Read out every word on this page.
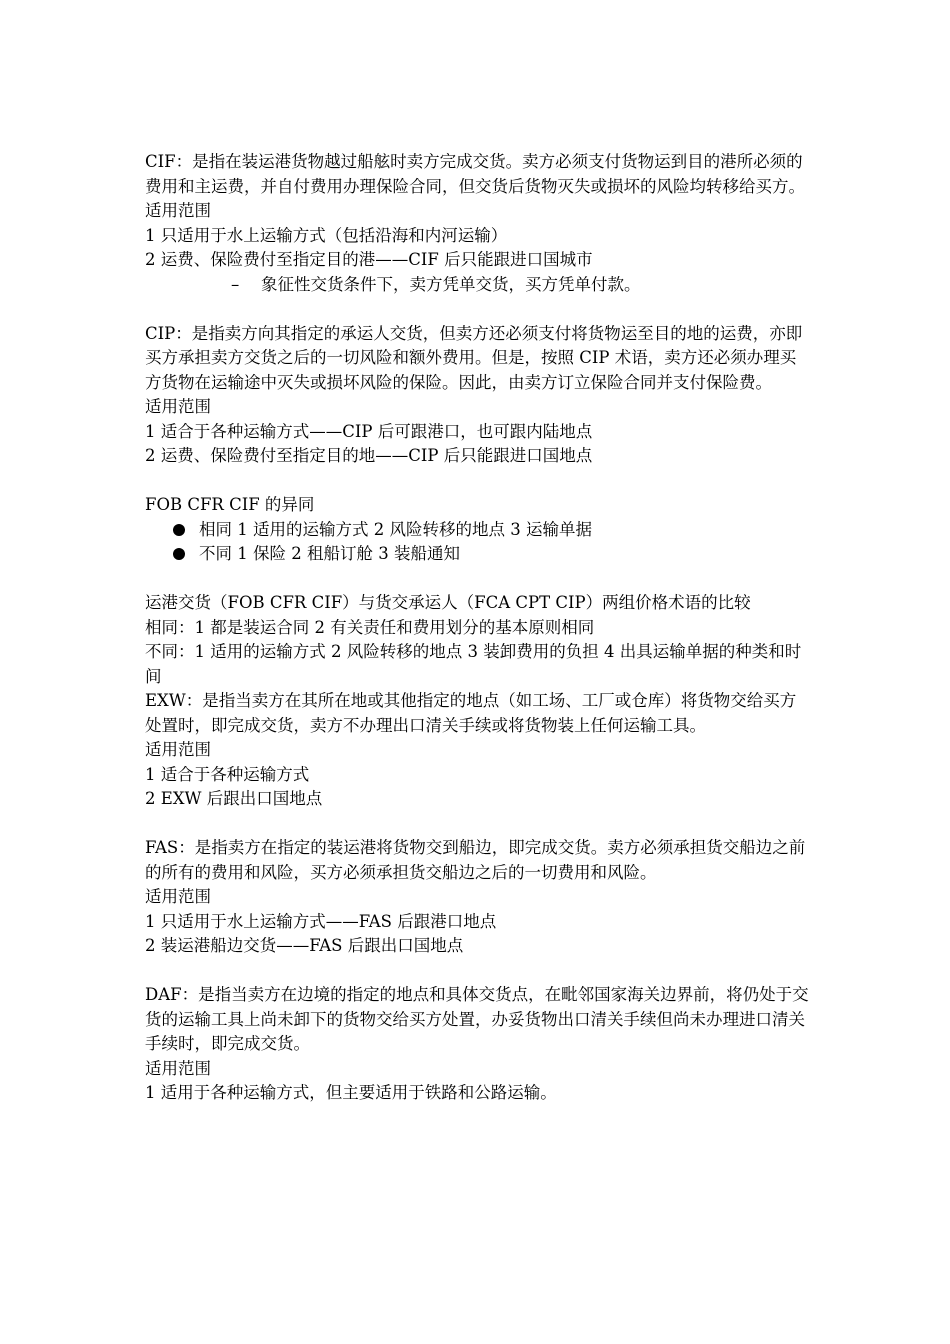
CIF：是指在装运港货物越过船舷时卖方完成交货。卖方必须支付货物运到目的港所必须的费用和主运费，并自付费用办理保险合同，但交货后货物灭失或损坏的风险均转移给买方。

适用范围

1 只适用于水上运输方式（包括沿海和内河运输）

2 运费、保险费付至指定目的港——CIF 后只能跟进口国城市

– 象征性交货条件下，卖方凭单交货，买方凭单付款。

CIP：是指卖方向其指定的承运人交货，但卖方还必须支付将货物运至目的地的运费，亦即买方承担卖方交货之后的一切风险和额外费用。但是，按照 CIP 术语，卖方还必须办理买方货物在运输途中灭失或损坏风险的保险。因此，由卖方订立保险合同并支付保险费。

适用范围

1 适合于各种运输方式——CIP 后可跟港口，也可跟内陆地点

2 运费、保险费付至指定目的地——CIP 后只能跟进口国地点

FOB CFR CIF 的异同

相同 1 适用的运输方式 2 风险转移的地点 3 运输单据
不同 1 保险 2 租船订舱 3 装船通知

运港交货（FOB CFR CIF）与货交承运人（FCA CPT CIP）两组价格术语的比较

相同：1 都是装运合同 2 有关责任和费用划分的基本原则相同

不同：1 适用的运输方式 2 风险转移的地点 3 装卸费用的负担 4 出具运输单据的种类和时间

EXW：是指当卖方在其所在地或其他指定的地点（如工场、工厂或仓库）将货物交给买方处置时，即完成交货，卖方不办理出口清关手续或将货物装上任何运输工具。

适用范围

1 适合于各种运输方式

2 EXW 后跟出口国地点

FAS：是指卖方在指定的装运港将货物交到船边，即完成交货。卖方必须承担货交船边之前的所有的费用和风险，买方必须承担货交船边之后的一切费用和风险。

适用范围

1 只适用于水上运输方式——FAS 后跟港口地点

2 装运港船边交货——FAS 后跟出口国地点

DAF：是指当卖方在边境的指定的地点和具体交货点，在毗邻国家海关边界前，将仍处于交货的运输工具上尚未卸下的货物交给买方处置，办妥货物出口清关手续但尚未办理进口清关手续时，即完成交货。

适用范围

1 适用于各种运输方式，但主要适用于铁路和公路运输。
